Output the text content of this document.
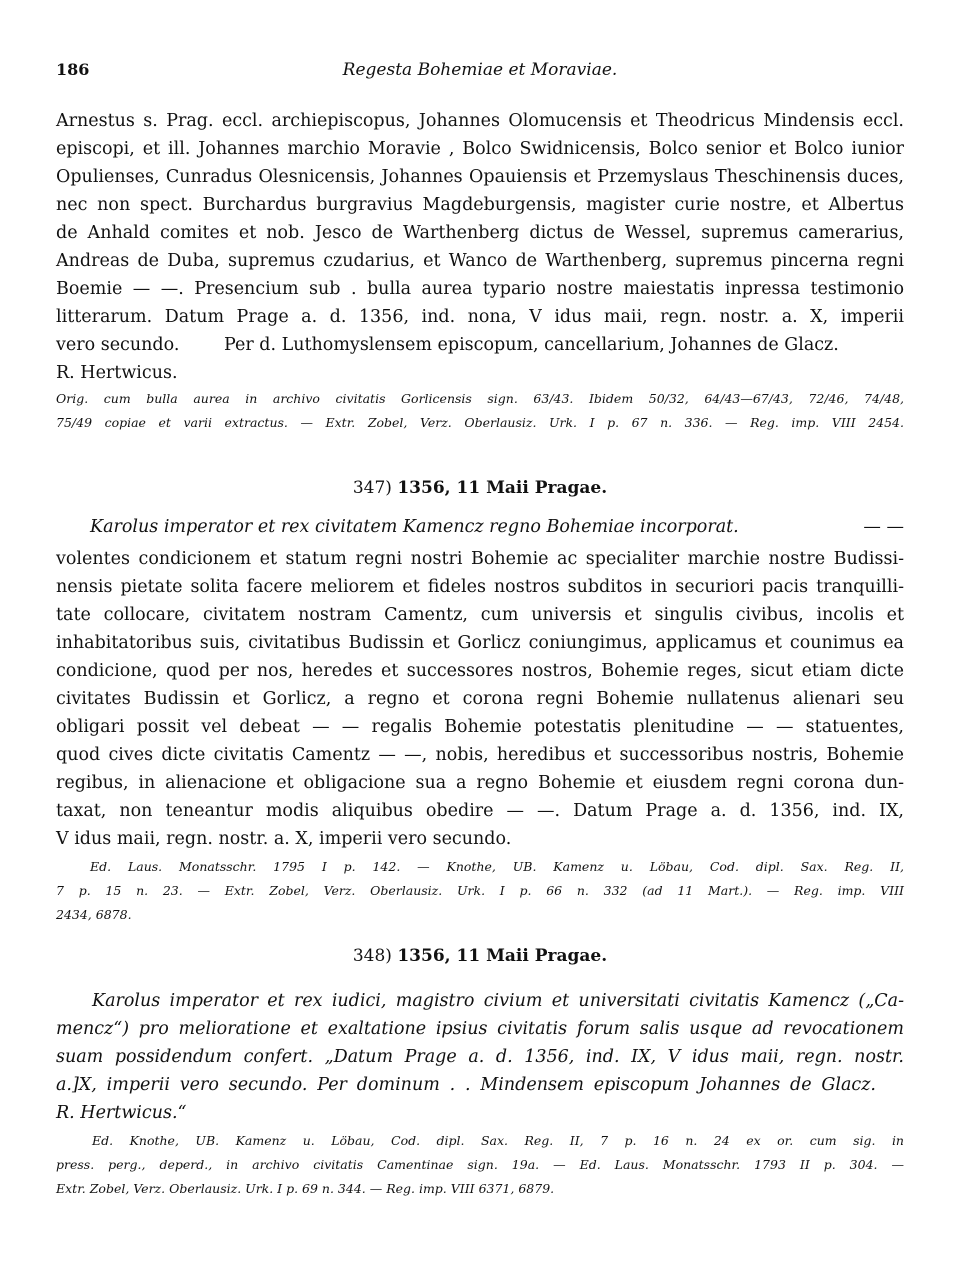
186	Regesta Bohemiae et Moraviae.
Arnestus s. Prag. eccl. archiepiscopus, Johannes Olomucensis et Theodricus Mindensis eccl.
episcopi, et ill. Johannes marchio Moravie , Bolco Swidnicensis, Bolco senior et Bolco iunior
Opulienses, Cunradus Olesnicensis, Johannes Opauiensis et Przemyslaus Theschinensis duces,
nec non spect. Burchardus burgravius Magdeburgensis, magister curie nostre, et Albertus
de Anhald comites et nob. Jesco de Warthenberg dictus de Wessel, supremus camerarius,
Andreas de Duba, supremus czudarius, et Wanco de Warthenberg, supremus pincerna regni
Boemie — —. Presencium sub . bulla aurea typario nostre maiestatis inpressa testimonio
litterarum. Datum Prage a. d. 1356, ind. nona, V idus maii, regn. nostr. a. X, imperii
vero secundo.	Per d. Luthomyslensem episcopum, cancellarium, Johannes de Glacz.
R. Hertwicus.
Orig. cum bulla aurea in archivo civitatis Gorlicensis sign. 63/43. Ibidem 50/32, 64/43—67/43, 72/46, 74/48,
75/49 copiae et varii extractus. — Extr. Zobel, Verz. Oberlausiz. Urk. I p. 67 n. 336. — Reg. imp. VIII 2454.
347) 1356, 11 Maii Pragae.
Karolus imperator et rex civitatem Kamencz regno Bohemiae incorporat.	— —
volentes condicionem et statum regni nostri Bohemie ac specialiter marchie nostre Budissi-
nensis pietate solita facere meliorem et fideles nostros subditos in securiori pacis tranquilli-
tate collocare, civitatem nostram Camentz, cum universis et singulis civibus, incolis et
inhabitatoribus suis, civitatibus Budissin et Gorlicz coniungimus, applicamus et counimus ea
condicione, quod per nos, heredes et successores nostros, Bohemie reges, sicut etiam dicte
civitates Budissin et Gorlicz, a regno et corona regni Bohemie nullatenus alienari seu
obligari possit vel debeat — — regalis Bohemie potestatis plenitudine — — statuentes,
quod cives dicte civitatis Camentz — —, nobis, heredibus et successoribus nostris, Bohemie
regibus, in alienacione et obligacione sua a regno Bohemie et eiusdem regni corona dun-
taxat, non teneantur modis aliquibus obedire — —. Datum Prage a. d. 1356, ind. IX,
V idus maii, regn. nostr. a. X, imperii vero secundo.
Ed. Laus. Monatsschr. 1795 I p. 142. — Knothe, UB. Kamenz u. Löbau, Cod. dipl. Sax. Reg. II,
7 p. 15 n. 23. — Extr. Zobel, Verz. Oberlausiz. Urk. I p. 66 n. 332 (ad 11 Mart.). — Reg. imp. VIII
2434, 6878.
348) 1356, 11 Maii Pragae.
Karolus imperator et rex iudici, magistro civium et universitati civitatis Kamencz („Ca-
mencz“) pro melioratione et exaltatione ipsius civitatis forum salis usque ad revocationem
suam possidendum confert. „Datum Prage a. d. 1356, ind. IX, V idus maii, regn. nostr.
a.]X, imperii vero secundo. Per dominum . . Mindensem episcopum Johannes de Glacz.
R. Hertwicus.“
Ed. Knothe, UB. Kamenz u. Löbau, Cod. dipl. Sax. Reg. II, 7 p. 16 n. 24 ex or. cum sig. in
press. perg., deperd., in archivo civitatis Camentinae sign. 19a. — Ed. Laus. Monatsschr. 1793 II p. 304. —
Extr. Zobel, Verz. Oberlausiz. Urk. I p. 69 n. 344. — Reg. imp. VIII 6371, 6879.
